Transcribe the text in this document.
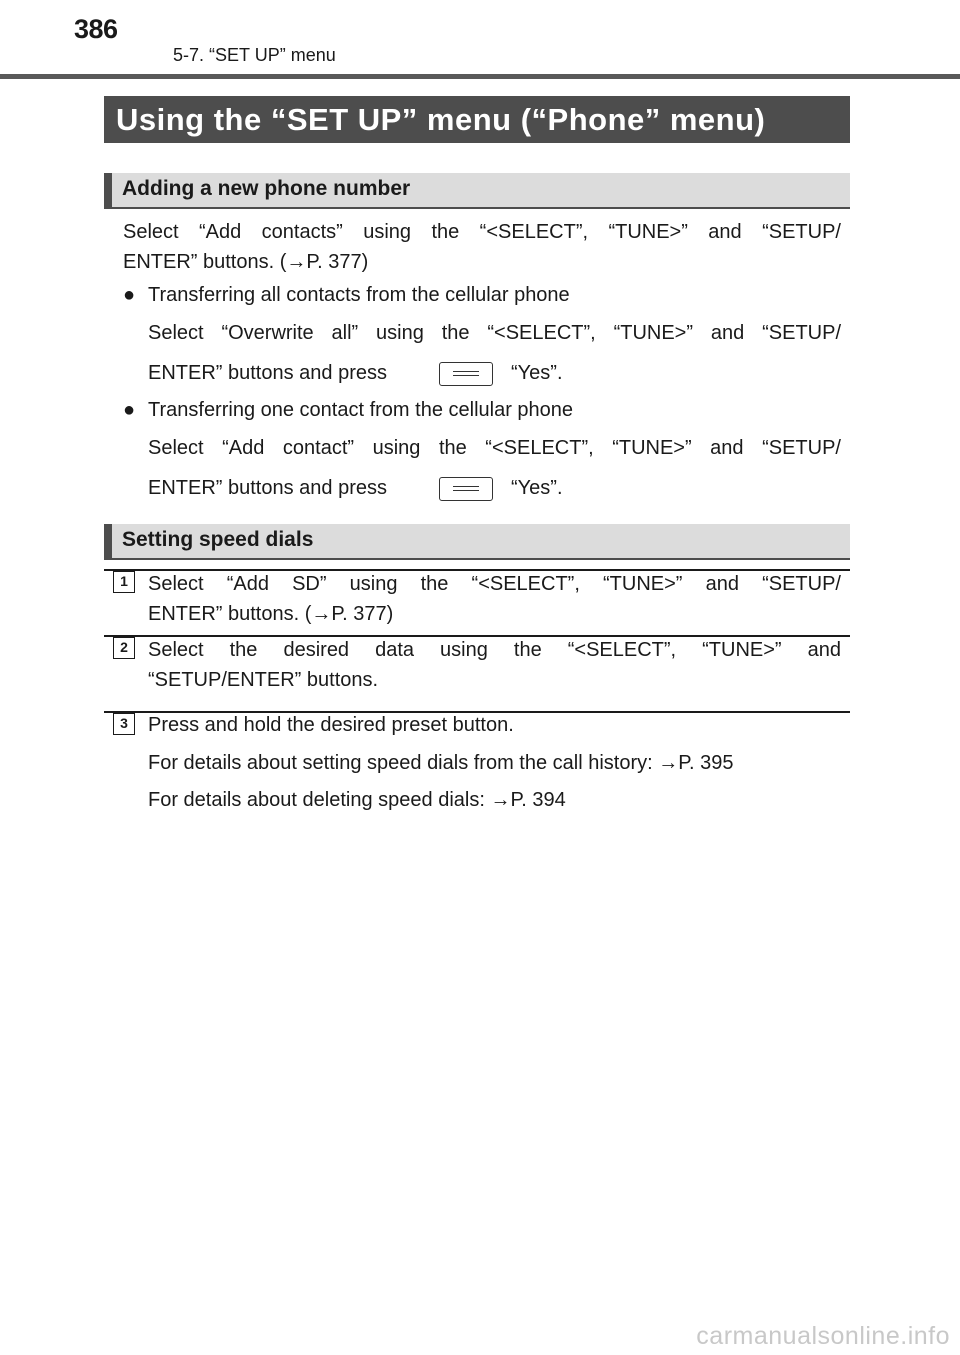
386
5-7. “SET UP” menu
Using the “SET UP” menu (“Phone” menu)
Adding a new phone number
Select “Add contacts” using the “<SELECT”, “TUNE>” and “SETUP/
ENTER” buttons. (→P. 377)
● Transferring all contacts from the cellular phone
Select “Overwrite all” using the “<SELECT”, “TUNE>” and “SETUP/
ENTER” buttons and press	“Yes”.
● Transferring one contact from the cellular phone
Select “Add contact” using the “<SELECT”, “TUNE>” and “SETUP/
ENTER” buttons and press	“Yes”.
Setting speed dials
1	Select “Add SD” using the “<SELECT”, “TUNE>” and “SETUP/
ENTER” buttons. (→P. 377)
2	Select the desired data using the “<SELECT”, “TUNE>” and
“SETUP/ENTER” buttons.
3	Press and hold the desired preset button.
For details about setting speed dials from the call history: →P. 395
For details about deleting speed dials: →P. 394
carmanualsonline.info
